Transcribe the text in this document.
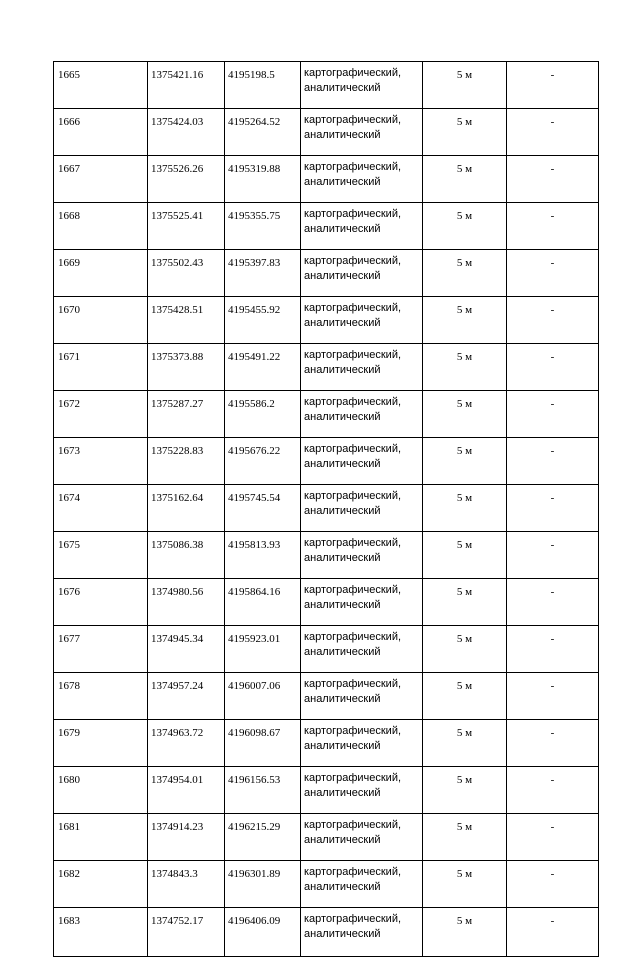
1665	1375421.16	4195198.5	картографический,
аналитический	5 м	-
1666	1375424.03	4195264.52	картографический,
аналитический	5 м	-
1667	1375526.26	4195319.88	картографический,
аналитический	5 м	-
1668	1375525.41	4195355.75	картографический,
аналитический	5 м	-
1669	1375502.43	4195397.83	картографический,
аналитический	5 м	-
1670	1375428.51	4195455.92	картографический,
аналитический	5 м	-
1671	1375373.88	4195491.22	картографический,
аналитический	5 м	-
1672	1375287.27	4195586.2	картографический,
аналитический	5 м	-
1673	1375228.83	4195676.22	картографический,
аналитический	5 м	-
1674	1375162.64	4195745.54	картографический,
аналитический	5 м	-
1675	1375086.38	4195813.93	картографический,
аналитический	5 м	-
1676	1374980.56	4195864.16	картографический,
аналитический	5 м	-
1677	1374945.34	4195923.01	картографический,
аналитический	5 м	-
1678	1374957.24	4196007.06	картографический,
аналитический	5 м	-
1679	1374963.72	4196098.67	картографический,
аналитический	5 м	-
1680	1374954.01	4196156.53	картографический,
аналитический	5 м	-
1681	1374914.23	4196215.29	картографический,
аналитический	5 м	-
1682	1374843.3	4196301.89	картографический,
аналитический	5 м	-
1683	1374752.17	4196406.09	картографический,
аналитический	5 м	-
